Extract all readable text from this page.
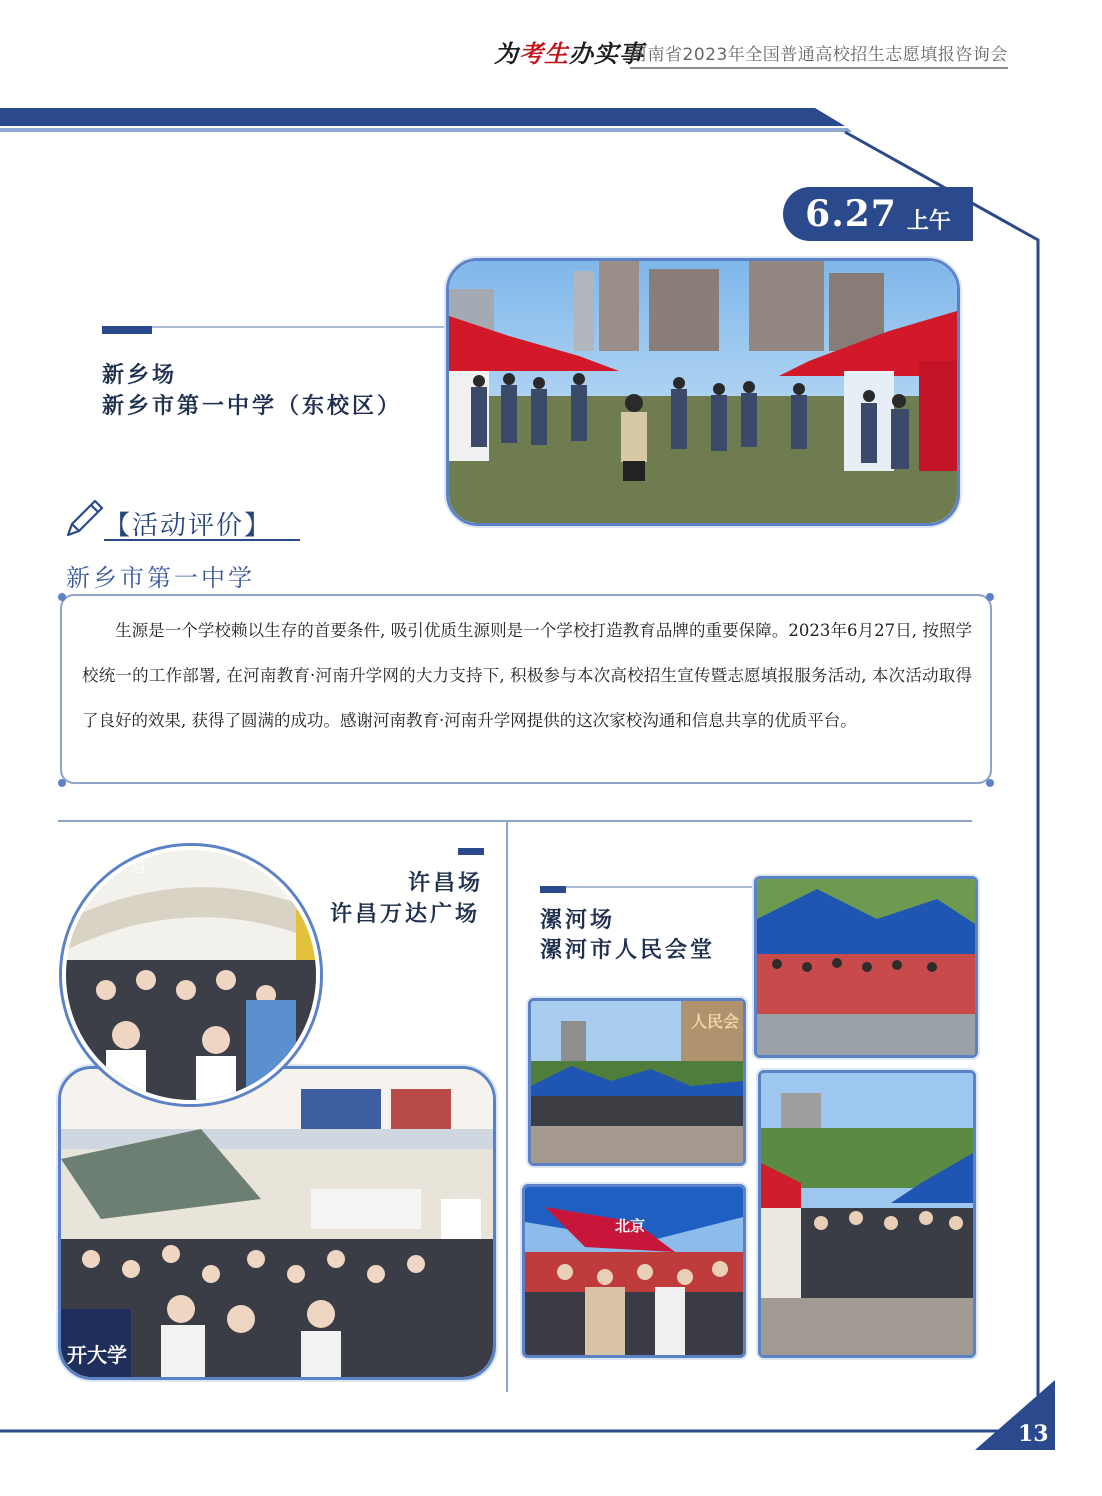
为考生办实事
河南省2023年全国普通高校招生志愿填报咨询会
6.27 上午
新乡场
新乡市第一中学（东校区）
【活动评价】
新乡市第一中学

生源是一个学校赖以生存的首要条件, 吸引优质生源则是一个学校打造教育品牌的重要保障。2023年6月27日, 按照学校统一的工作部署, 在河南教育·河南升学网的大力支持下, 积极参与本次高校招生宣传暨志愿填报服务活动, 本次活动取得了良好的效果, 获得了圆满的成功。感谢河南教育·河南升学网提供的这次家校沟通和信息共享的优质平台。

许昌场
许昌万达广场
开大学
许昌
漯河场
漯河市人民会堂
人民会
北京
13
